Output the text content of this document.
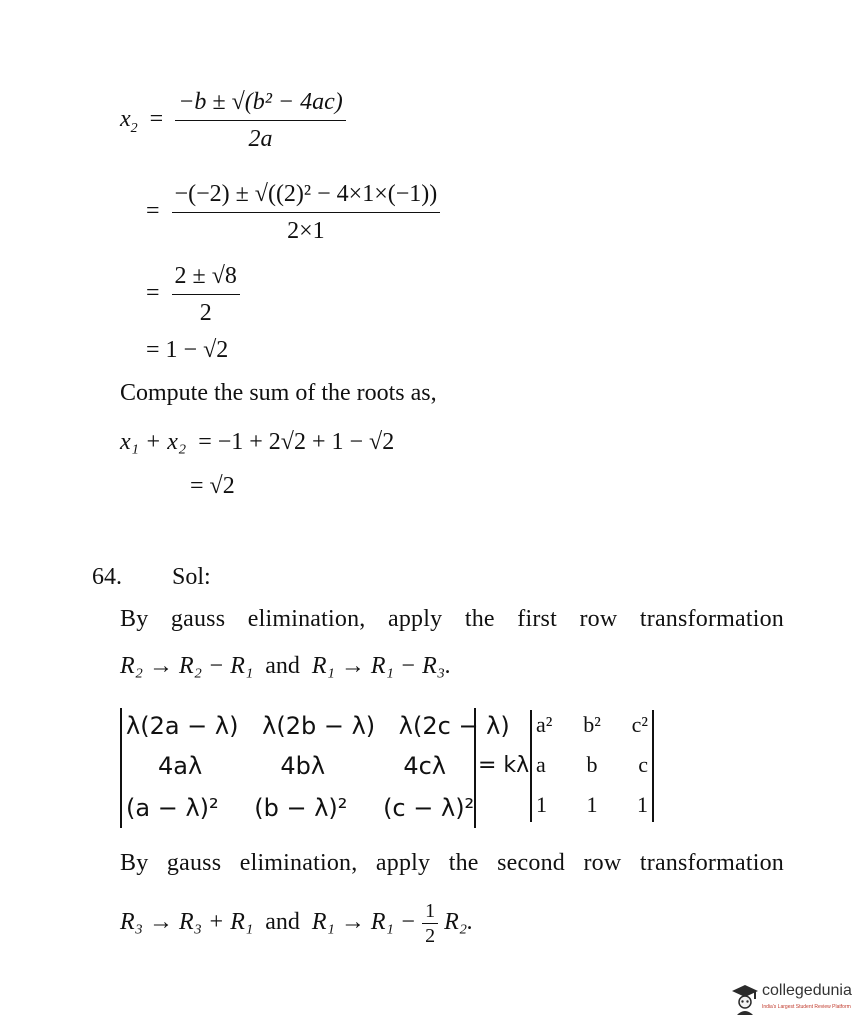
$x_2 = \frac{\text{−b ± √(b² − 4ac)}}{2a}$
= $\frac{\text{−(−2) ± √((2)² − 4×1×(−1))}}{2\times 1}$
= $\frac{2 \pm √8}{2}$
= 1 − √2
Compute the sum of the roots as,
x₁ + x₂ = −1 + 2√2 + 1 − √2
= √2
64. Sol:
By gauss elimination, apply the first row transformation
R₂ → R₂ − R₁ and R₁ → R₁ − R₃.
λ(2a − λ) λ(2b − λ) λ(2c − λ)
4aλ	4bλ	4cλ
(a − λ)² (b − λ)² (c − λ)²
= kλ
a² b² c²
a b c
1 1 1
By gauss elimination, apply the second row transformation
R₃ → R₃ + R₁ and $R_1 \to R_1 - \frac{1}{2} R_2$.
collegedunia
India's Largest Student Review Platform
